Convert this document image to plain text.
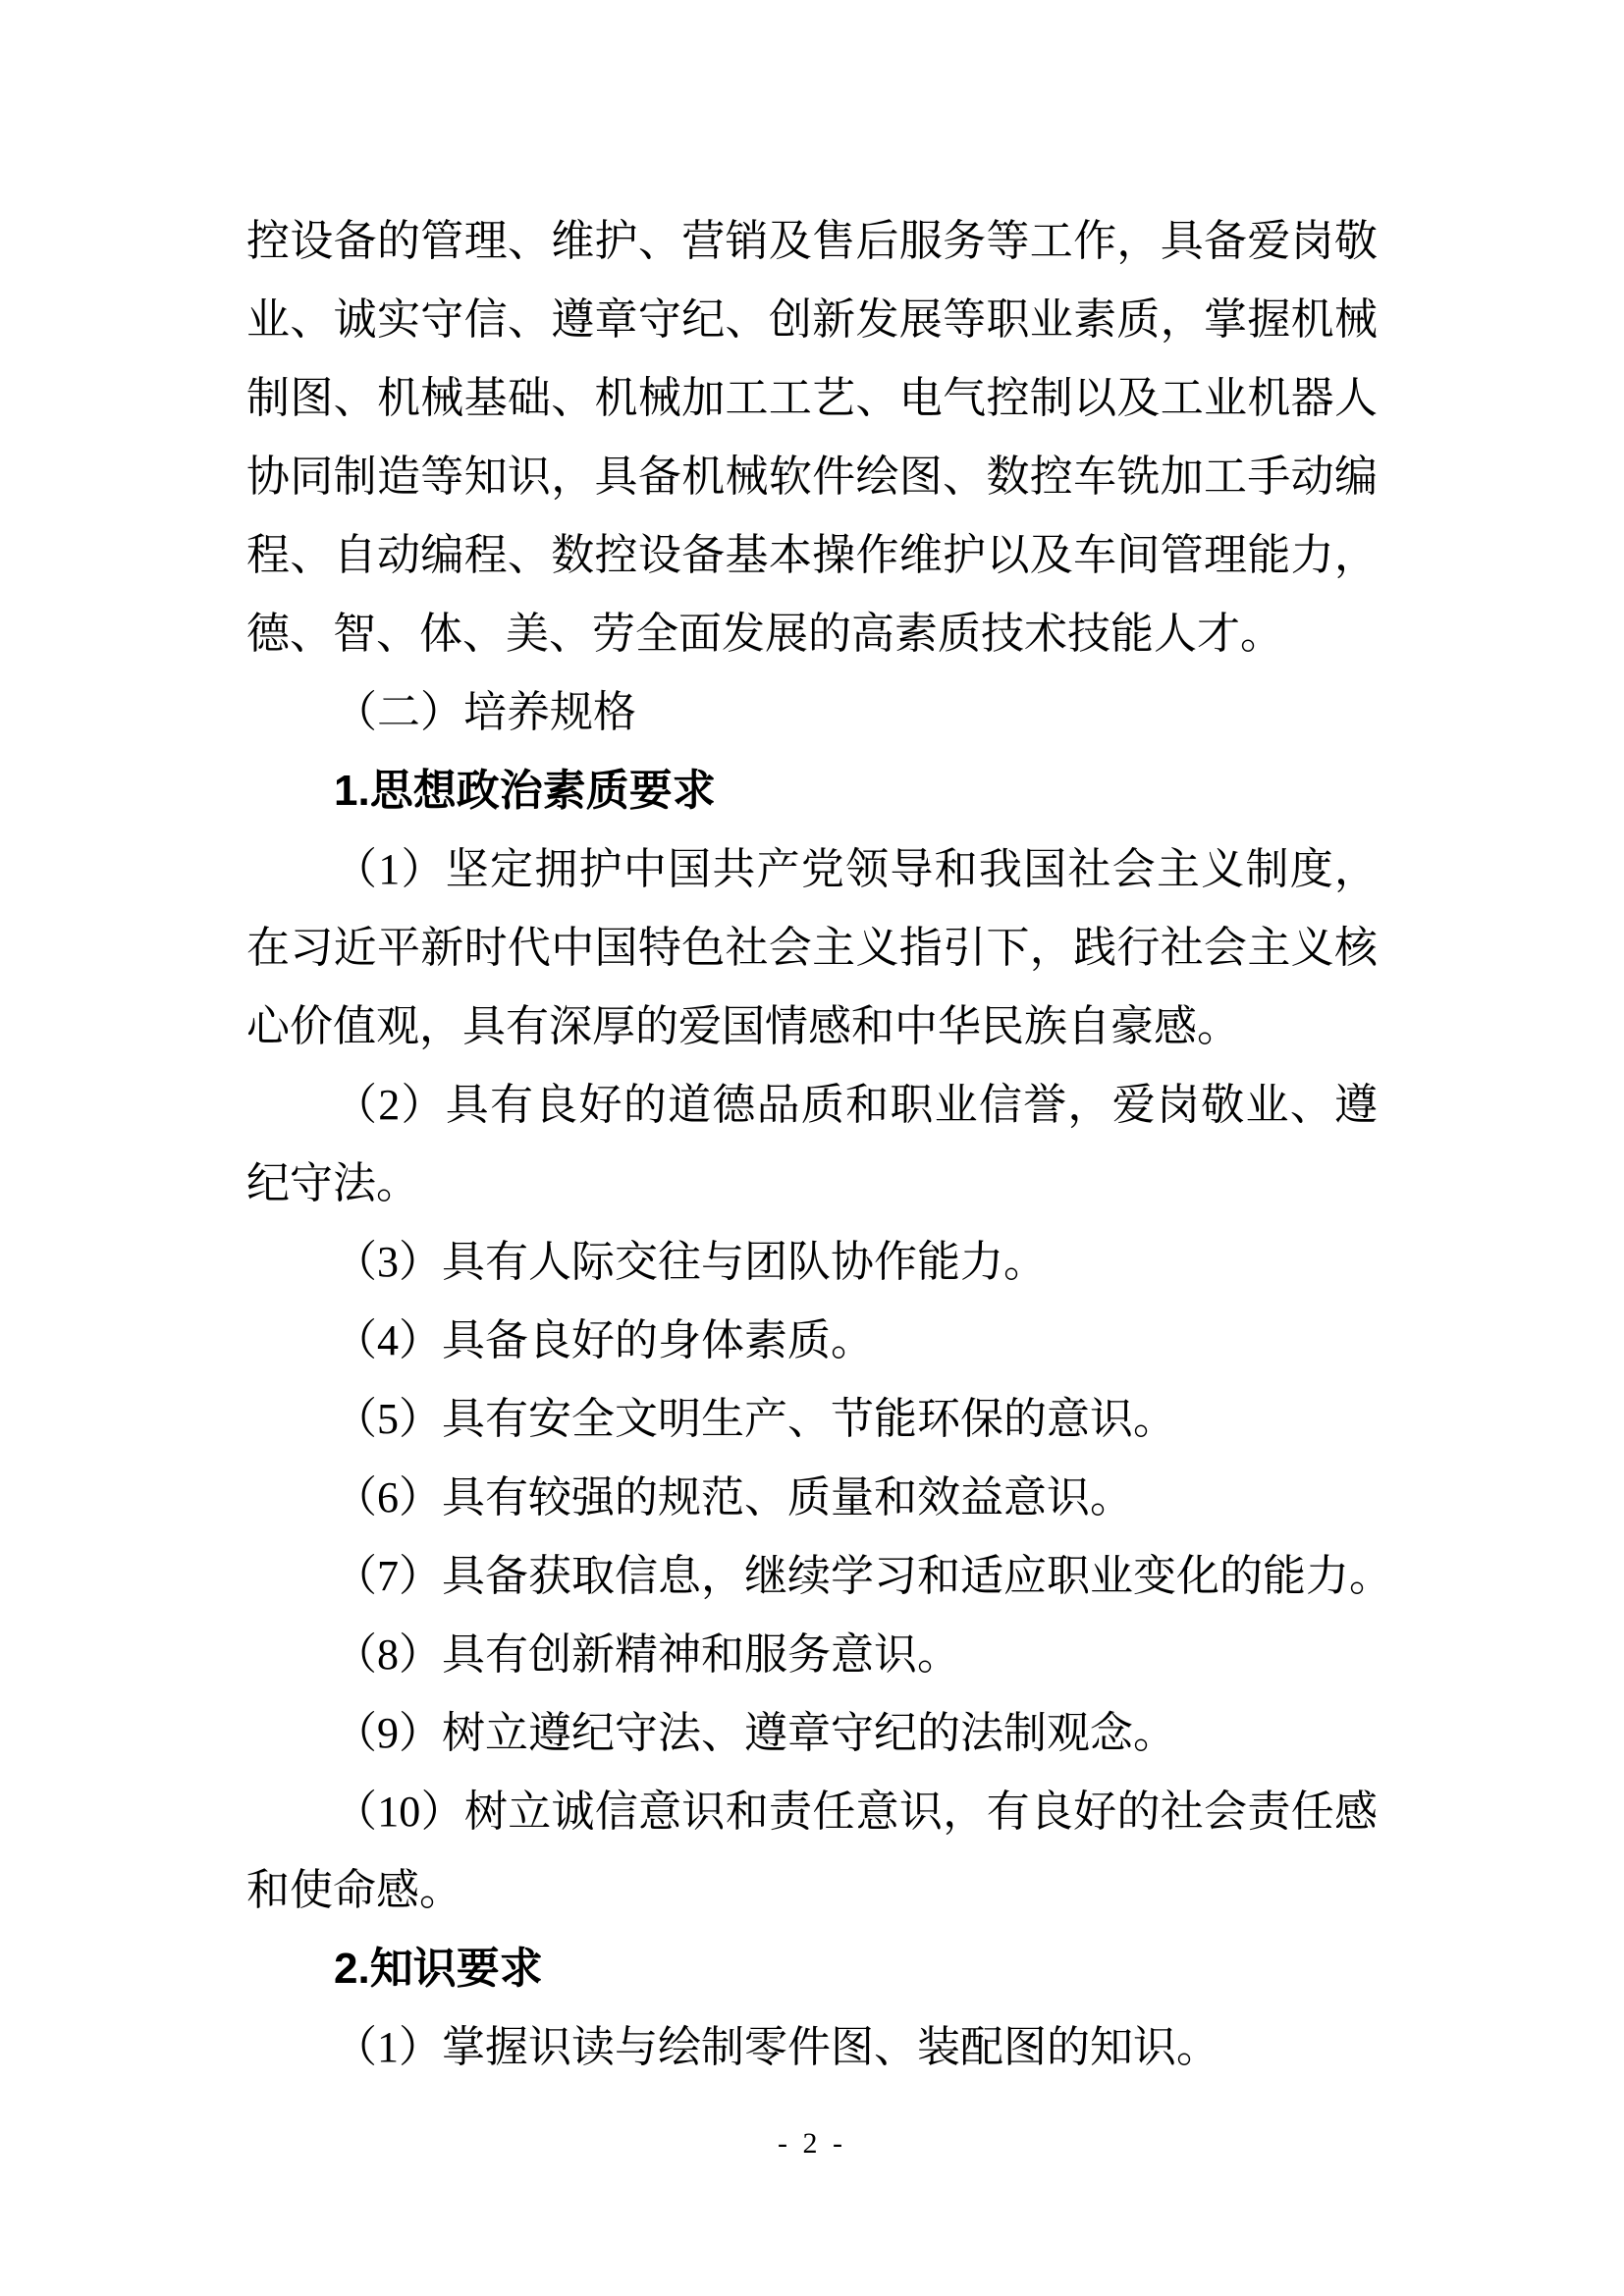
控设备的管理、维护、营销及售后服务等工作，具备爱岗敬
业、诚实守信、遵章守纪、创新发展等职业素质，掌握机械
制图、机械基础、机械加工工艺、电气控制以及工业机器人
协同制造等知识，具备机械软件绘图、数控车铣加工手动编
程、自动编程、数控设备基本操作维护以及车间管理能力，
德、智、体、美、劳全面发展的高素质技术技能人才。
（二）培养规格
1.思想政治素质要求
（1）坚定拥护中国共产党领导和我国社会主义制度，
在习近平新时代中国特色社会主义指引下，践行社会主义核
心价值观，具有深厚的爱国情感和中华民族自豪感。
（2）具有良好的道德品质和职业信誉，爱岗敬业、遵
纪守法。
（3）具有人际交往与团队协作能力。
（4）具备良好的身体素质。
（5）具有安全文明生产、节能环保的意识。
（6）具有较强的规范、质量和效益意识。
（7）具备获取信息，继续学习和适应职业变化的能力。
（8）具有创新精神和服务意识。
（9）树立遵纪守法、遵章守纪的法制观念。
（10）树立诚信意识和责任意识，有良好的社会责任感
和使命感。
2.知识要求
（1）掌握识读与绘制零件图、装配图的知识。
- 2 -
